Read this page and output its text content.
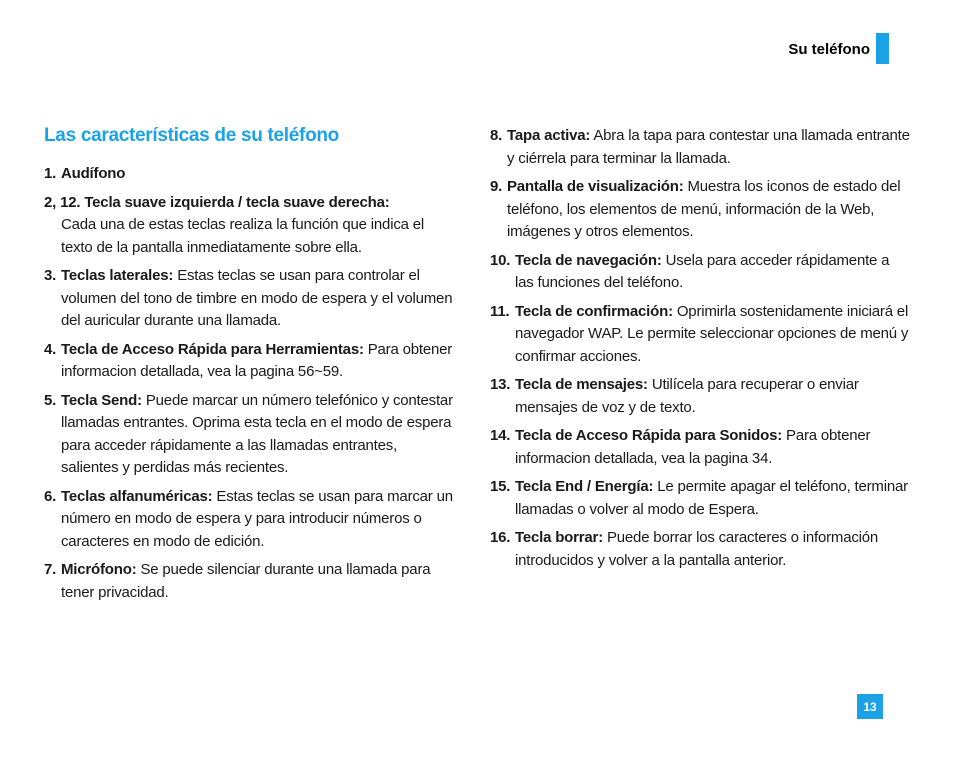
Su teléfono
Las características de su teléfono
1. Audífono
2, 12. Tecla suave izquierda / tecla suave derecha:
Cada una de estas teclas realiza la función que indica el texto de la pantalla inmediatamente sobre ella.
3. Teclas laterales: Estas teclas se usan para controlar el volumen del tono de timbre en modo de espera y el volumen del auricular durante una llamada.
4. Tecla de Acceso Rápida para Herramientas: Para obtener informacion detallada, vea la pagina 56~59.
5. Tecla Send: Puede marcar un número telefónico y contestar llamadas entrantes. Oprima esta tecla en el modo de espera para acceder rápidamente a las llamadas entrantes, salientes y perdidas más recientes.
6. Teclas alfanuméricas: Estas teclas se usan para marcar un número en modo de espera y para introducir números o caracteres en modo de edición.
7. Micrófono: Se puede silenciar durante una llamada para tener privacidad.
8. Tapa activa: Abra la tapa para contestar una llamada entrante y ciérrela para terminar la llamada.
9. Pantalla de visualización: Muestra los iconos de estado del teléfono, los elementos de menú, información de la Web, imágenes y otros elementos.
10. Tecla de navegación: Usela para acceder rápidamente a las funciones del teléfono.
11. Tecla de confirmación: Oprimirla sostenidamente iniciará el navegador WAP. Le permite seleccionar opciones de menú y confirmar acciones.
13. Tecla de mensajes: Utilícela para recuperar o enviar mensajes de voz y de texto.
14. Tecla de Acceso Rápida para Sonidos: Para obtener informacion detallada, vea la pagina 34.
15. Tecla End / Energía: Le permite apagar el teléfono, terminar llamadas o volver al modo de Espera.
16. Tecla borrar: Puede borrar los caracteres o información introducidos y volver a la pantalla anterior.
13
